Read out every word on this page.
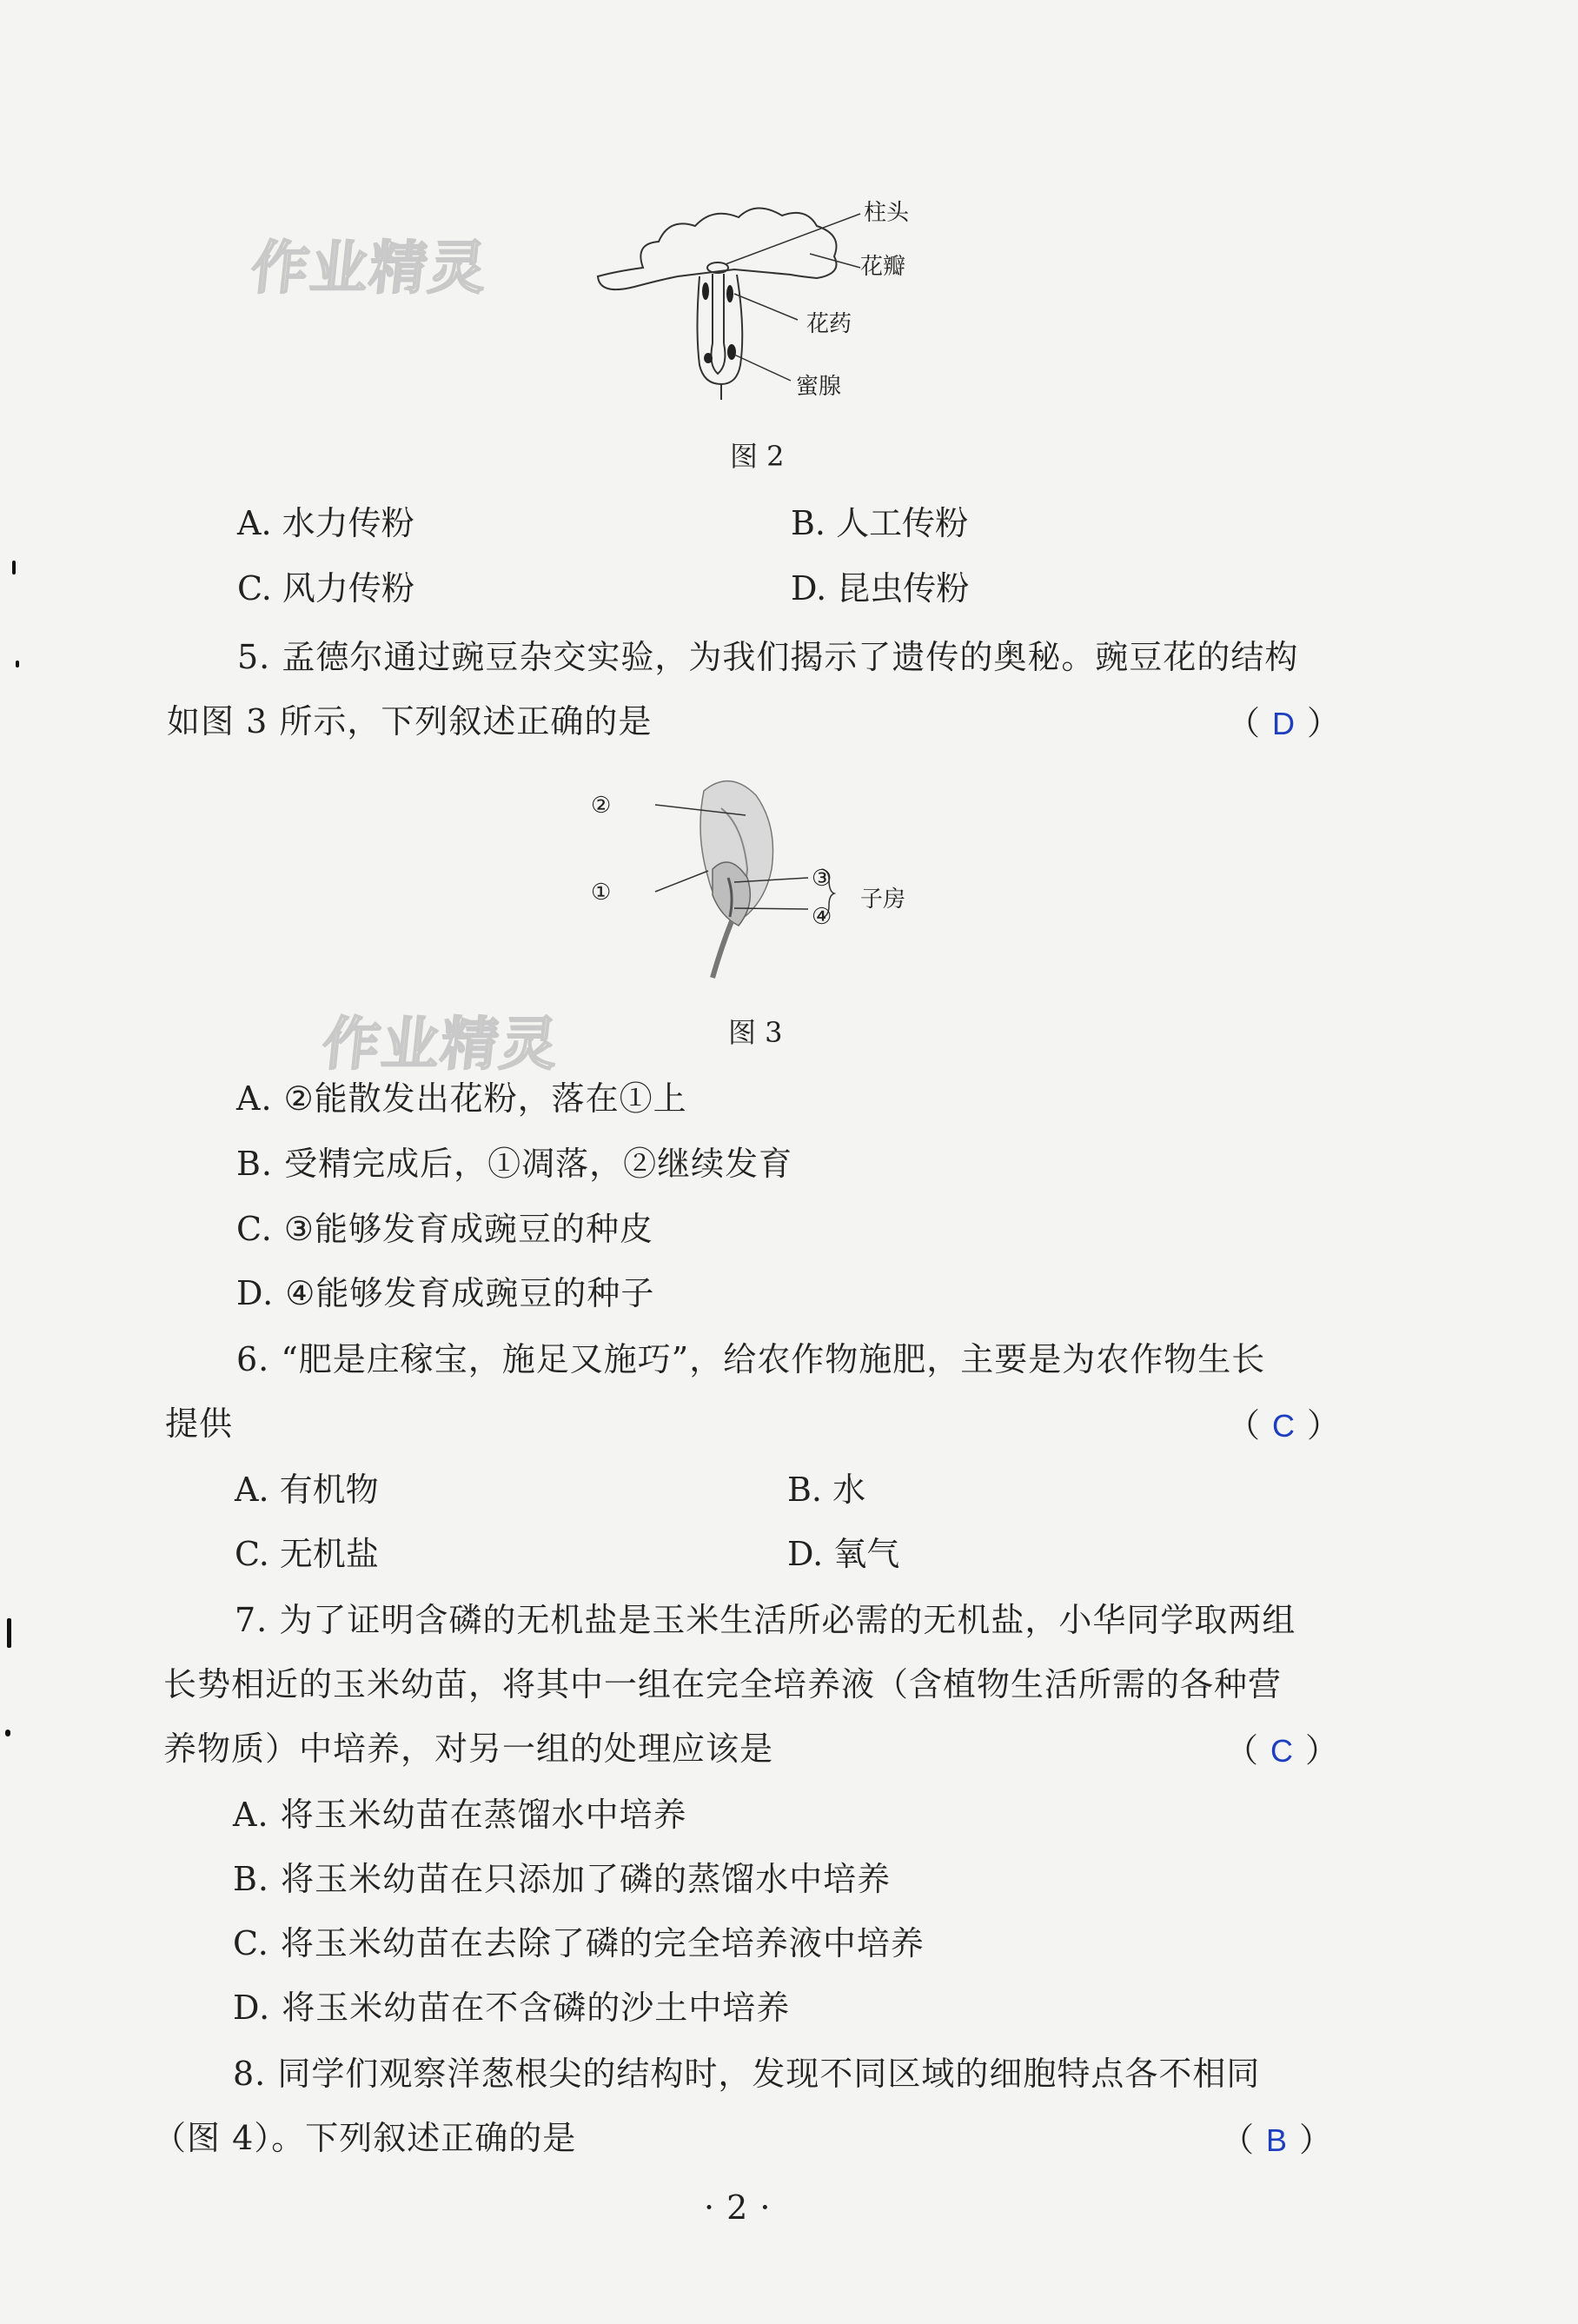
作业精灵
作业精灵
柱头
花瓣
花药
蜜腺
图 2
A. 水力传粉	B. 人工传粉
C. 风力传粉	D. 昆虫传粉
5. 孟德尔通过豌豆杂交实验，为我们揭示了遗传的奥秘。豌豆花的结构
如图 3 所示，下列叙述正确的是	（ D ）
②
①
③
④
子房
图 3
A. ②能散发出花粉，落在①上
B. 受精完成后，①凋落，②继续发育
C. ③能够发育成豌豆的种皮
D. ④能够发育成豌豆的种子
6. “肥是庄稼宝，施足又施巧”，给农作物施肥，主要是为农作物生长
提供	（ C ）
A. 有机物	B. 水
C. 无机盐	D. 氧气
7. 为了证明含磷的无机盐是玉米生活所必需的无机盐，小华同学取两组
长势相近的玉米幼苗，将其中一组在完全培养液（含植物生活所需的各种营
养物质）中培养，对另一组的处理应该是	（ C ）
A. 将玉米幼苗在蒸馏水中培养
B. 将玉米幼苗在只添加了磷的蒸馏水中培养
C. 将玉米幼苗在去除了磷的完全培养液中培养
D. 将玉米幼苗在不含磷的沙土中培养
8. 同学们观察洋葱根尖的结构时，发现不同区域的细胞特点各不相同
（图 4）。下列叙述正确的是	（ B ）
· 2 ·
